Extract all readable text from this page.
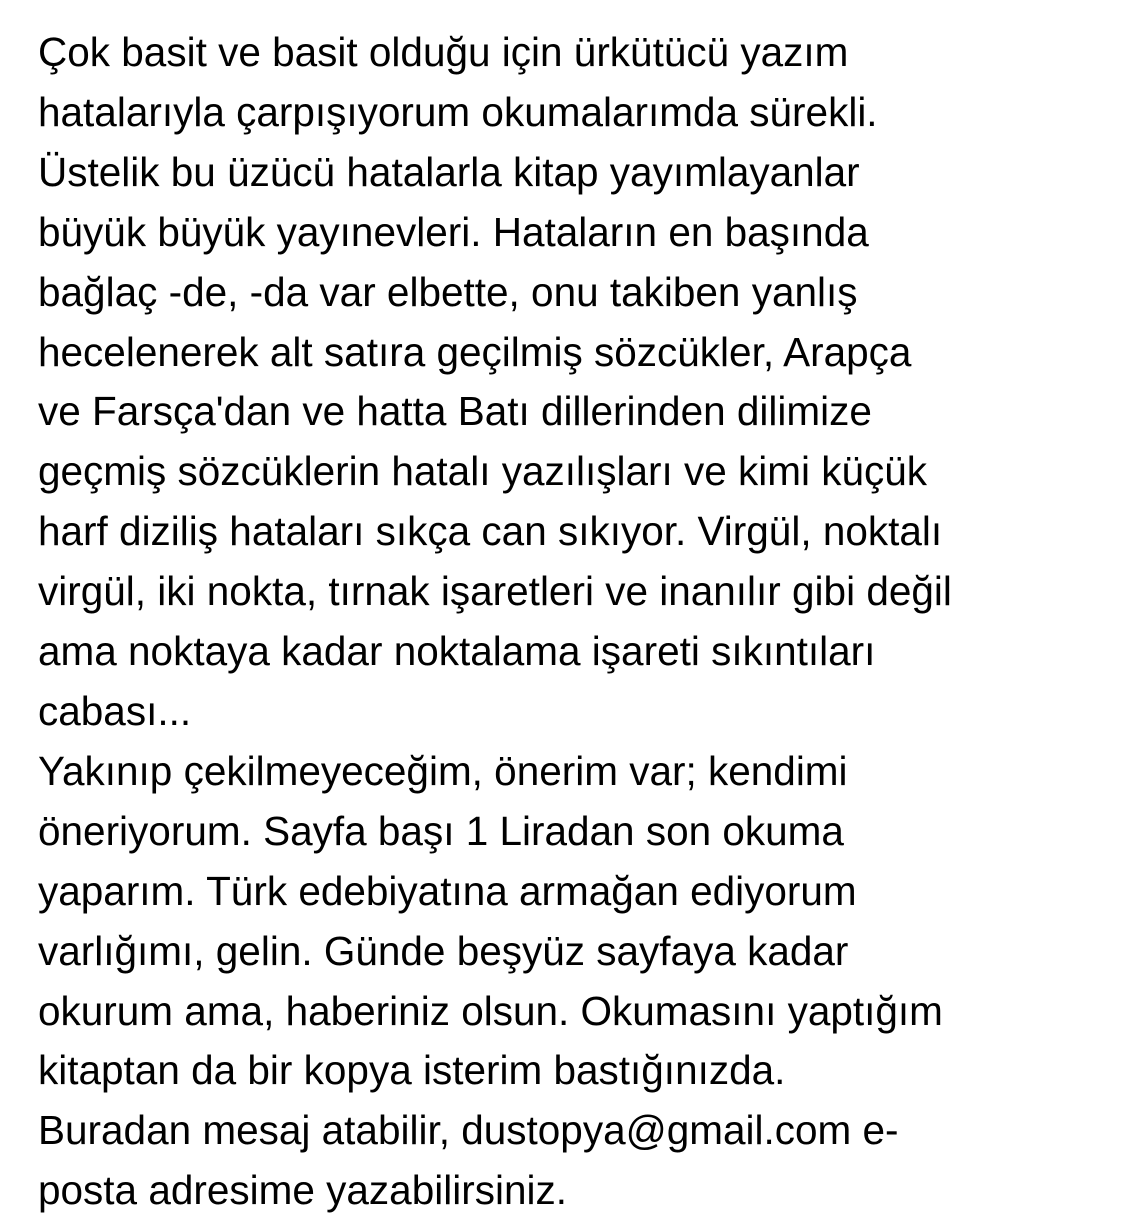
Çok basit ve basit olduğu için ürkütücü yazım
hatalarıyla çarpışıyorum okumalarımda sürekli.
Üstelik bu üzücü hatalarla kitap yayımlayanlar
büyük büyük yayınevleri. Hataların en başında
bağlaç -de, -da var elbette, onu takiben yanlış
hecelenerek alt satıra geçilmiş sözcükler, Arapça
ve Farsça'dan ve hatta Batı dillerinden dilimize
geçmiş sözcüklerin hatalı yazılışları ve kimi küçük
harf diziliş hataları sıkça can sıkıyor. Virgül, noktalı
virgül, iki nokta, tırnak işaretleri ve inanılır gibi değil
ama noktaya kadar noktalama işareti sıkıntıları
cabası...
Yakınıp çekilmeyeceğim, önerim var; kendimi
öneriyorum. Sayfa başı 1 Liradan son okuma
yaparım. Türk edebiyatına armağan ediyorum
varlığımı, gelin. Günde beşyüz sayfaya kadar
okurum ama, haberiniz olsun. Okumasını yaptığım
kitaptan da bir kopya isterim bastığınızda.
Buradan mesaj atabilir, dustopya@gmail.com e-
posta adresime yazabilirsiniz.
